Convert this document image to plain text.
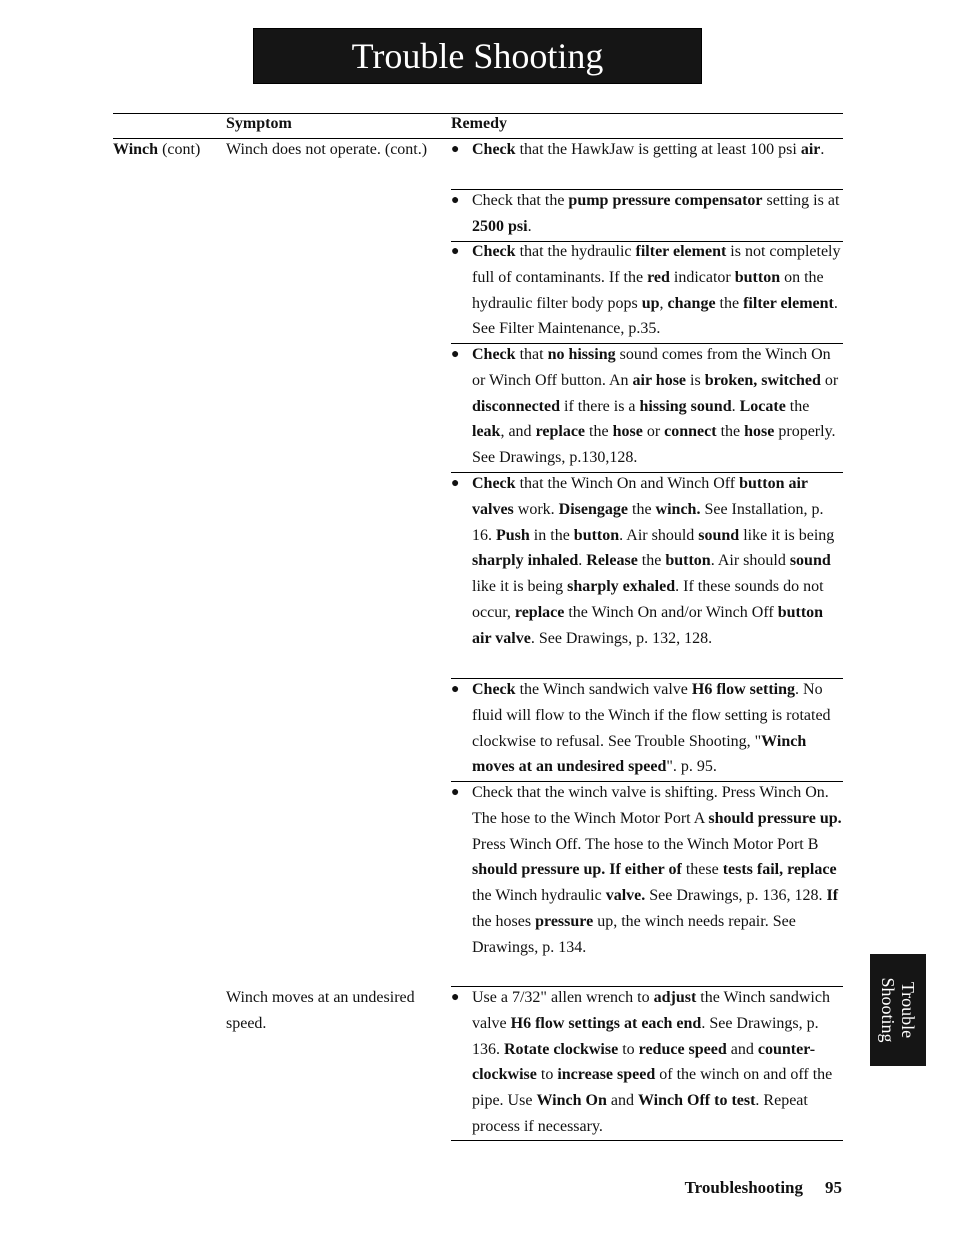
Trouble Shooting
Symptom	Remedy
Winch (cont) Winch does not operate. (cont.)
Winch moves at an undesired speed.
● Check that the HawkJaw is getting at least 100 psi air.
● Check that the pump pressure compensator setting is at 2500 psi.
● Check that the hydraulic filter element is not completely full of contaminants. If the red indicator button on the hydraulic filter body pops up, change the filter element. See Filter Maintenance, p.35.
● Check that no hissing sound comes from the Winch On or Winch Off button. An air hose is broken, switched or disconnected if there is a hissing sound. Locate the leak, and replace the hose or connect the hose properly. See Drawings, p.130,128.
● Check that the Winch On and Winch Off button air valves work. Disengage the winch. See Installation, p. 16. Push in the button. Air should sound like it is being sharply inhaled. Release the button. Air should sound like it is being sharply exhaled. If these sounds do not occur, replace the Winch On and/or Winch Off button air valve. See Drawings, p. 132, 128.
● Check the Winch sandwich valve H6 flow setting. No fluid will flow to the Winch if the flow setting is rotated clockwise to refusal. See Trouble Shooting, "Winch moves at an undesired speed". p. 95.
● Check that the winch valve is shifting. Press Winch On. The hose to the Winch Motor Port A should pressure up. Press Winch Off. The hose to the Winch Motor Port B should pressure up. If either of these tests fail, replace the Winch hydraulic valve. See Drawings, p. 136, 128. If the hoses pressure up, the winch needs repair. See Drawings, p. 134.
● Use a 7/32" allen wrench to adjust the Winch sandwich valve H6 flow settings at each end. See Drawings, p. 136. Rotate clockwise to reduce speed and counter-clockwise to increase speed of the winch on and off the pipe. Use Winch On and Winch Off to test. Repeat process if necessary.
Trouble
Shooting
Troubleshooting 95
